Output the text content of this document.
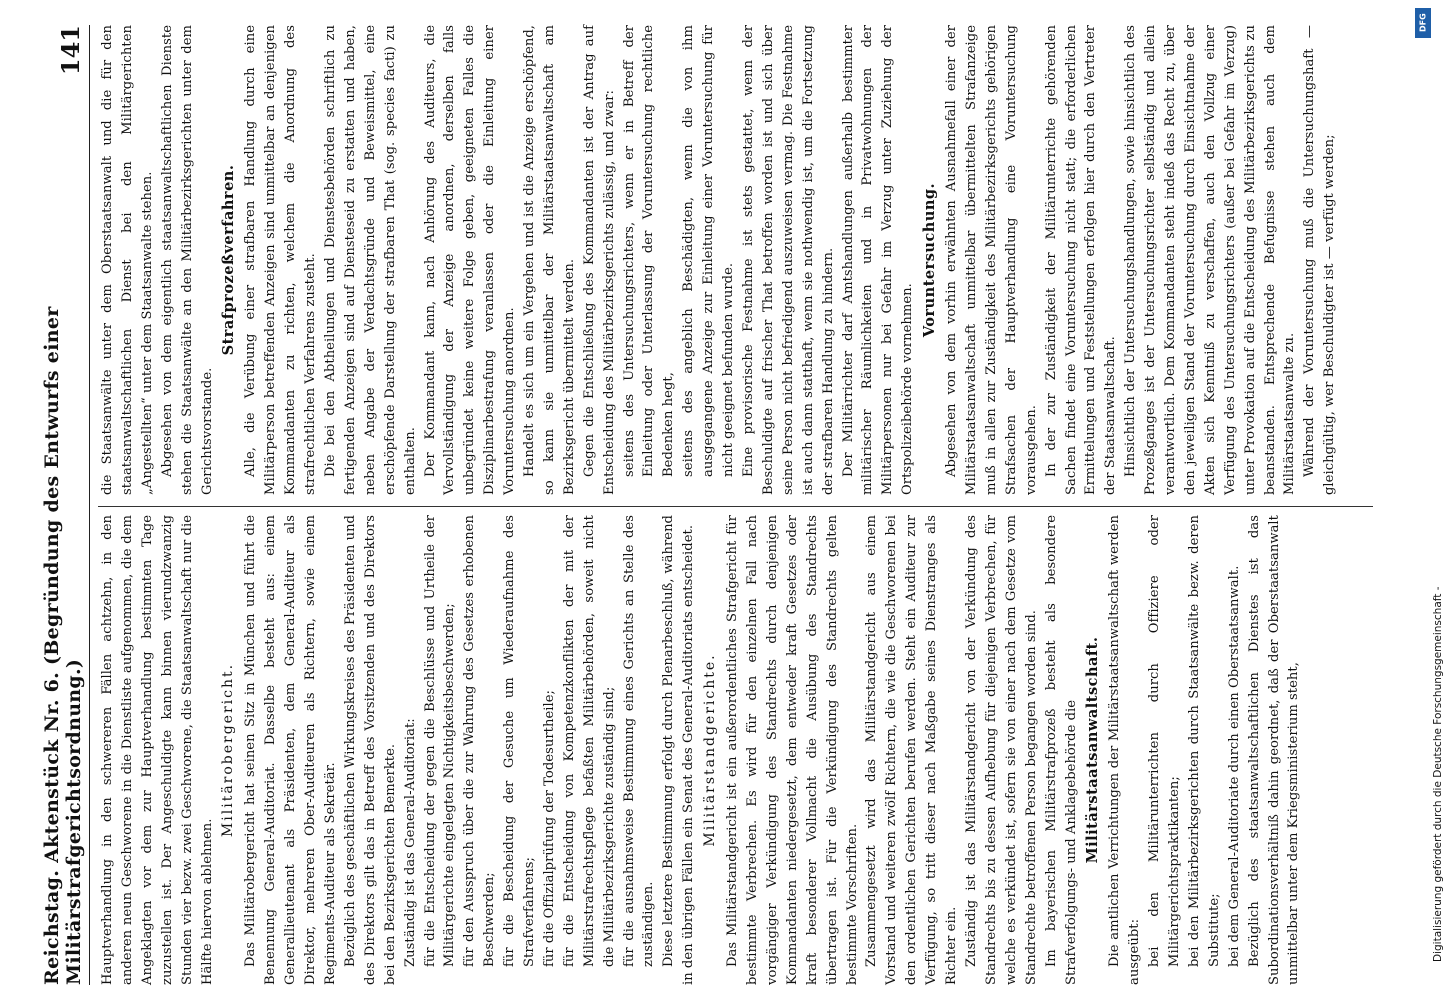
Reichstag. Aktenstück Nr. 6. (Begründung des Entwurfs einer Militärstrafgerichtsordnung.)
141

Hauptverhandlung in den schwereren Fällen achtzehn, in den anderen neun Geschworene in die Dienstliste aufgenommen, die dem Angeklagten vor dem zur Hauptverhandlung bestimmten Tage zuzustellen ist. Der Angeschuldigte kann binnen vierundzwanzig Stunden vier bezw. zwei Geschworene, die Staatsanwaltschaft nur die Hälfte hiervon ablehnen.

Militärobergericht. Das Militärobergericht hat seinen Sitz in München und führt die Benennung General-Auditoriat. Dasselbe besteht aus: einem Generallieutenant als Präsidenten, dem General-Auditeur als Direktor, mehreren Ober-Auditeuren als Richtern, sowie einem Regiments-Auditeur als Sekretär. Bezüglich des geschäftlichen Wirkungskreises des Präsidenten und des Direktors gilt das in Betreff des Vorsitzenden und des Direktors bei den Bezirksgerichten Bemerkte. Zuständig ist das General-Auditoriat: für die Entscheidung der gegen die Beschlüsse und Urtheile der Militärgerichte eingelegten Nichtigkeitsbeschwerden; für den Ausspruch über die zur Wahrung des Gesetzes erhobenen Beschwerden; für die Bescheidung der Gesuche um Wiederaufnahme des Strafverfahrens; für die Offizialprüfung der Todesurtheile; für die Entscheidung von Kompetenzkonflikten der mit der Militärstrafrechtspflege befaßten Militärbehörden, soweit nicht die Militärbezirksgerichte zuständig sind; für die ausnahmsweise Bestimmung eines Gerichts an Stelle des zuständigen. Diese letztere Bestimmung erfolgt durch Plenarbeschluß, während in den übrigen Fällen ein Senat des General-Auditoriats entscheidet. Militärstandgerichte. Das Militärstandgericht ist ein außerordentliches Strafgericht für bestimmte Verbrechen. Es wird für den einzelnen Fall nach vorgängiger Verkündigung des Standrechts durch denjenigen Kommandanten niedergesetzt, dem entweder kraft Gesetzes oder kraft besonderer Vollmacht die Ausübung des Standrechts übertragen ist. Für die Verkündigung des Standrechts gelten bestimmte Vorschriften. Zusammengesetzt wird das Militärstandgericht aus einem Vorstand und weiteren zwölf Richtern, die wie die Geschworenen bei den ordentlichen Gerichten berufen werden. Steht ein Auditeur zur Verfügung, so tritt dieser nach Maßgabe seines Dienstranges als Richter ein. Zuständig ist das Militärstandgericht von der Verkündung des Standrechts bis zu dessen Aufhebung für diejenigen Verbrechen, für welche es verkündet ist, sofern sie von einer nach dem Gesetze vom Standrechte betroffenen Person begangen worden sind. Im bayerischen Militärstrafprozeß besteht als besondere Strafverfolgungs- und Anklagebehörde die Militärstaatsanwaltschaft. Die amtlichen Verrichtungen der Militärstaatsanwaltschaft werden ausgeübt: bei den Militärunterrichten durch Offiziere oder Militärgerichtspraktikanten; bei den Militärbezirksgerichten durch Staatsanwälte bezw. deren Substitute; bei dem General-Auditoriate durch einen Oberstaatsanwalt. Bezüglich des staatsanwaltschaftlichen Dienstes ist das Subordinationsverhältniß dahin geordnet, daß der Oberstaatsanwalt unmittelbar unter dem Kriegsministerium steht,

die Staatsanwälte unter dem Oberstaatsanwalt und die für den staatsanwaltschaftlichen Dienst bei den Militärgerichten „Angestellten“ unter dem Staatsanwalte stehen. Abgesehen von dem eigentlich staatsanwaltschaftlichen Dienste stehen die Staatsanwälte an den Militärbezirksgerichten unter dem Gerichtsvorstande.

Strafprozeßverfahren. Alle, die Verübung einer strafbaren Handlung durch eine Militärperson betreffenden Anzeigen sind unmittelbar an denjenigen Kommandanten zu richten, welchem die Anordnung des strafrechtlichen Verfahrens zusteht. Die bei den Abtheilungen und Dienstesbehörden schriftlich zu fertigenden Anzeigen sind auf Diensteseid zu erstatten und haben, neben Angabe der Verdachtsgründe und Beweismittel, eine erschöpfende Darstellung der strafbaren That (sog. species facti) zu enthalten. Der Kommandant kann, nach Anhörung des Auditeurs, die Vervollständigung der Anzeige anordnen, derselben falls unbegründet keine weitere Folge geben, geeigneten Falles die Disziplinarbestrafung veranlassen oder die Einleitung einer Voruntersuchung anordnen. Handelt es sich um ein Vergehen und ist die Anzeige erschöpfend, so kann sie unmittelbar der Militärstaatsanwaltschaft am Bezirksgericht übermittelt werden. Gegen die Entschließung des Kommandanten ist der Antrag auf Entscheidung des Militärbezirksgerichts zulässig, und zwar: seitens des Untersuchungsrichters, wenn er in Betreff der Einleitung oder Unterlassung der Voruntersuchung rechtliche Bedenken hegt, seitens des angeblich Beschädigten, wenn die von ihm ausgegangene Anzeige zur Einleitung einer Voruntersuchung für nicht geeignet befunden wurde. Eine provisorische Festnahme ist stets gestattet, wenn der Beschuldigte auf frischer That betroffen worden ist und sich über seine Person nicht befriedigend auszuweisen vermag. Die Festnahme ist auch dann statthaft, wenn sie nothwendig ist, um die Fortsetzung der strafbaren Handlung zu hindern. Der Militärrichter darf Amtshandlungen außerhalb bestimmter militärischer Räumlichkeiten und in Privatwohnungen der Militärpersonen nur bei Gefahr im Verzug unter Zuziehung der Ortspolizeibehörde vornehmen.

Voruntersuchung. Abgesehen von dem vorhin erwähnten Ausnahmefall einer der Militärstaatsanwaltschaft unmittelbar übermittelten Strafanzeige muß in allen zur Zuständigkeit des Militärbezirksgerichts gehörigen Strafsachen der Hauptverhandlung eine Voruntersuchung vorausgehen. In der zur Zuständigkeit der Militärunterrichte gehörenden Sachen findet eine Voruntersuchung nicht statt; die erforderlichen Ermittelungen und Feststellungen erfolgen hier durch den Vertreter der Staatsanwaltschaft. Hinsichtlich der Untersuchungshandlungen, sowie hinsichtlich des Prozeßganges ist der Untersuchungsrichter selbständig und allein verantwortlich. Dem Kommandanten steht indeß das Recht zu, über den jeweiligen Stand der Voruntersuchung durch Einsichtnahme der Akten sich Kenntniß zu verschaffen, auch den Vollzug einer Verfügung des Untersuchungsrichters (außer bei Gefahr im Verzug) unter Provokation auf die Entscheidung des Militärbezirksgerichts zu beanstanden. Entsprechende Befugnisse stehen auch dem Militärstaatsanwalte zu. Während der Voruntersuchung muß die Untersuchungshaft — gleichgültig, wer Beschuldigter ist — verfügt werden;

DFG
Digitalisierung gefördert durch die Deutsche Forschungsgemeinschaft -
